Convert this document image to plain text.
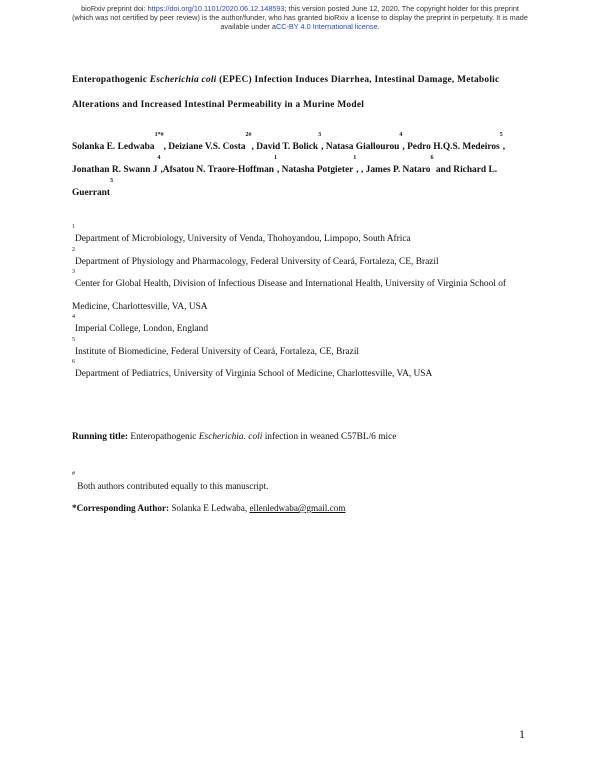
bioRxiv preprint doi: https://doi.org/10.1101/2020.06.12.148593; this version posted June 12, 2020. The copyright holder for this preprint

(which was not certified by peer review) is the author/funder, who has granted bioRxiv a license to display the preprint in perpetuity. It is made

available under aCC-BY 4.0 International license.

Enteropathogenic Escherichia coli (EPEC) Infection Induces Diarrhea, Intestinal Damage, Metabolic

Alterations and Increased Intestinal Permeability in a Murine Model

Solanka E. Ledwaba$^{1*\#}$, Deiziane V.S. Costa$^{2\#}$, David T. Bolick$^3$, Natasa Giallourou$^4$, Pedro H.Q.S. Medeiros$^5$,

Jonathan R. Swann $J^4,Afsatou$ N. Traore-Hoffman$^1$, Natasha Potgieter$^1$, , James P. Nataro$^6$ and Richard L.

Guerrant$^3$

$^1$Department of Microbiology, University of Venda, Thohoyandou, Limpopo, South Africa

$^2$Department of Physiology and Pharmacology, Federal University of Ceará, Fortaleza, CE, Brazil

$^3$Center for Global Health, Division of Infectious Disease and International Health, University of Virginia School of

Medicine, Charlottesville, VA, USA

$^4$Imperial College, London, England

$^5$Institute of Biomedicine, Federal University of Ceará, Fortaleza, CE, Brazil

$^6$Department of Pediatrics, University of Virginia School of Medicine, Charlottesville, VA, USA

Running title: Enteropathogenic Escherichia. coli infection in weaned C57BL/6 mice

# Both authors contributed equally to this manuscript.

*Corresponding Author: Solanka E Ledwaba, ellenledwaba@gmail.com

1
